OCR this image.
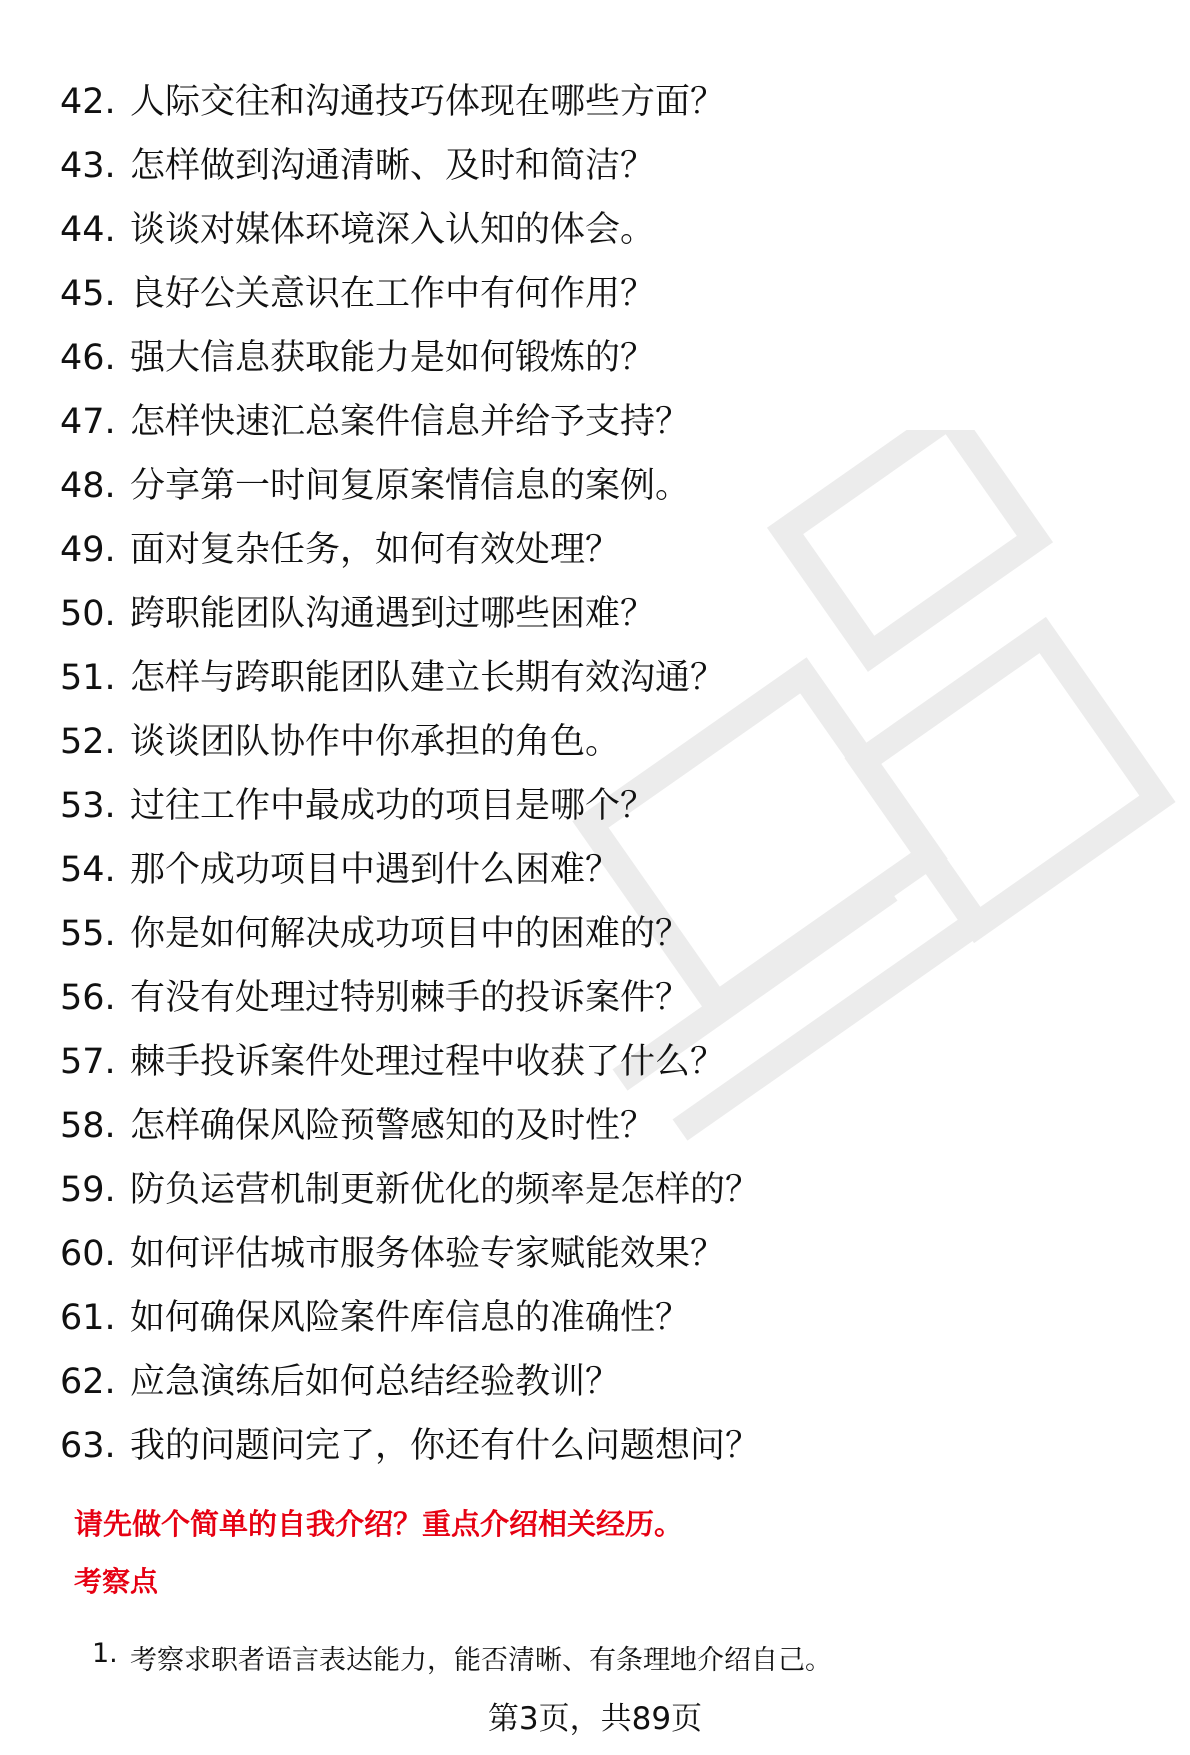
42. 人际交往和沟通技巧体现在哪些方面？
43. 怎样做到沟通清晰、及时和简洁？
44. 谈谈对媒体环境深入认知的体会。
45. 良好公关意识在工作中有何作用？
46. 强大信息获取能力是如何锻炼的？
47. 怎样快速汇总案件信息并给予支持？
48. 分享第一时间复原案情信息的案例。
49. 面对复杂任务，如何有效处理？
50. 跨职能团队沟通遇到过哪些困难？
51. 怎样与跨职能团队建立长期有效沟通？
52. 谈谈团队协作中你承担的角色。
53. 过往工作中最成功的项目是哪个？
54. 那个成功项目中遇到什么困难？
55. 你是如何解决成功项目中的困难的？
56. 有没有处理过特别棘手的投诉案件？
57. 棘手投诉案件处理过程中收获了什么？
58. 怎样确保风险预警感知的及时性？
59. 防负运营机制更新优化的频率是怎样的？
60. 如何评估城市服务体验专家赋能效果？
61. 如何确保风险案件库信息的准确性？
62. 应急演练后如何总结经验教训？
63. 我的问题问完了，你还有什么问题想问？
请先做个简单的自我介绍？重点介绍相关经历。
考察点
1. 考察求职者语言表达能力，能否清晰、有条理地介绍自己。
第3页，共89页
